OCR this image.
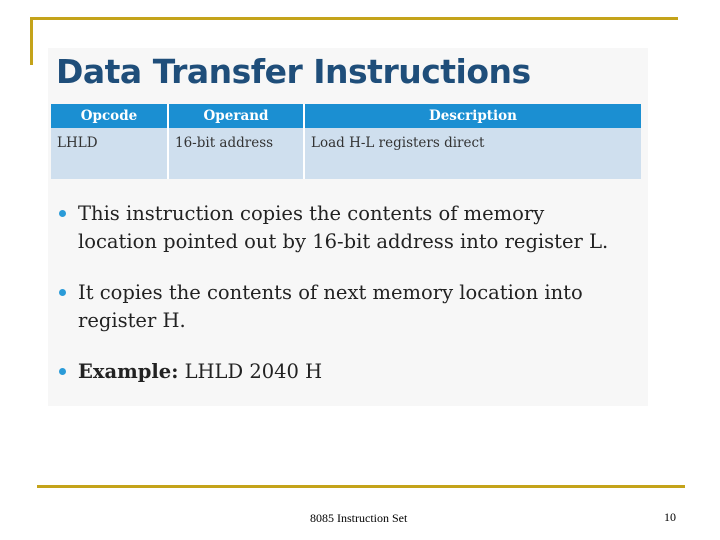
Data Transfer Instructions
Opcode	Operand	Description
LHLD	16-bit address	Load H-L registers direct
This instruction copies the contents of memory location pointed out by 16-bit address into register L.
It copies the contents of next memory location into register H.
Example: LHLD 2040 H
8085 Instruction Set	10
